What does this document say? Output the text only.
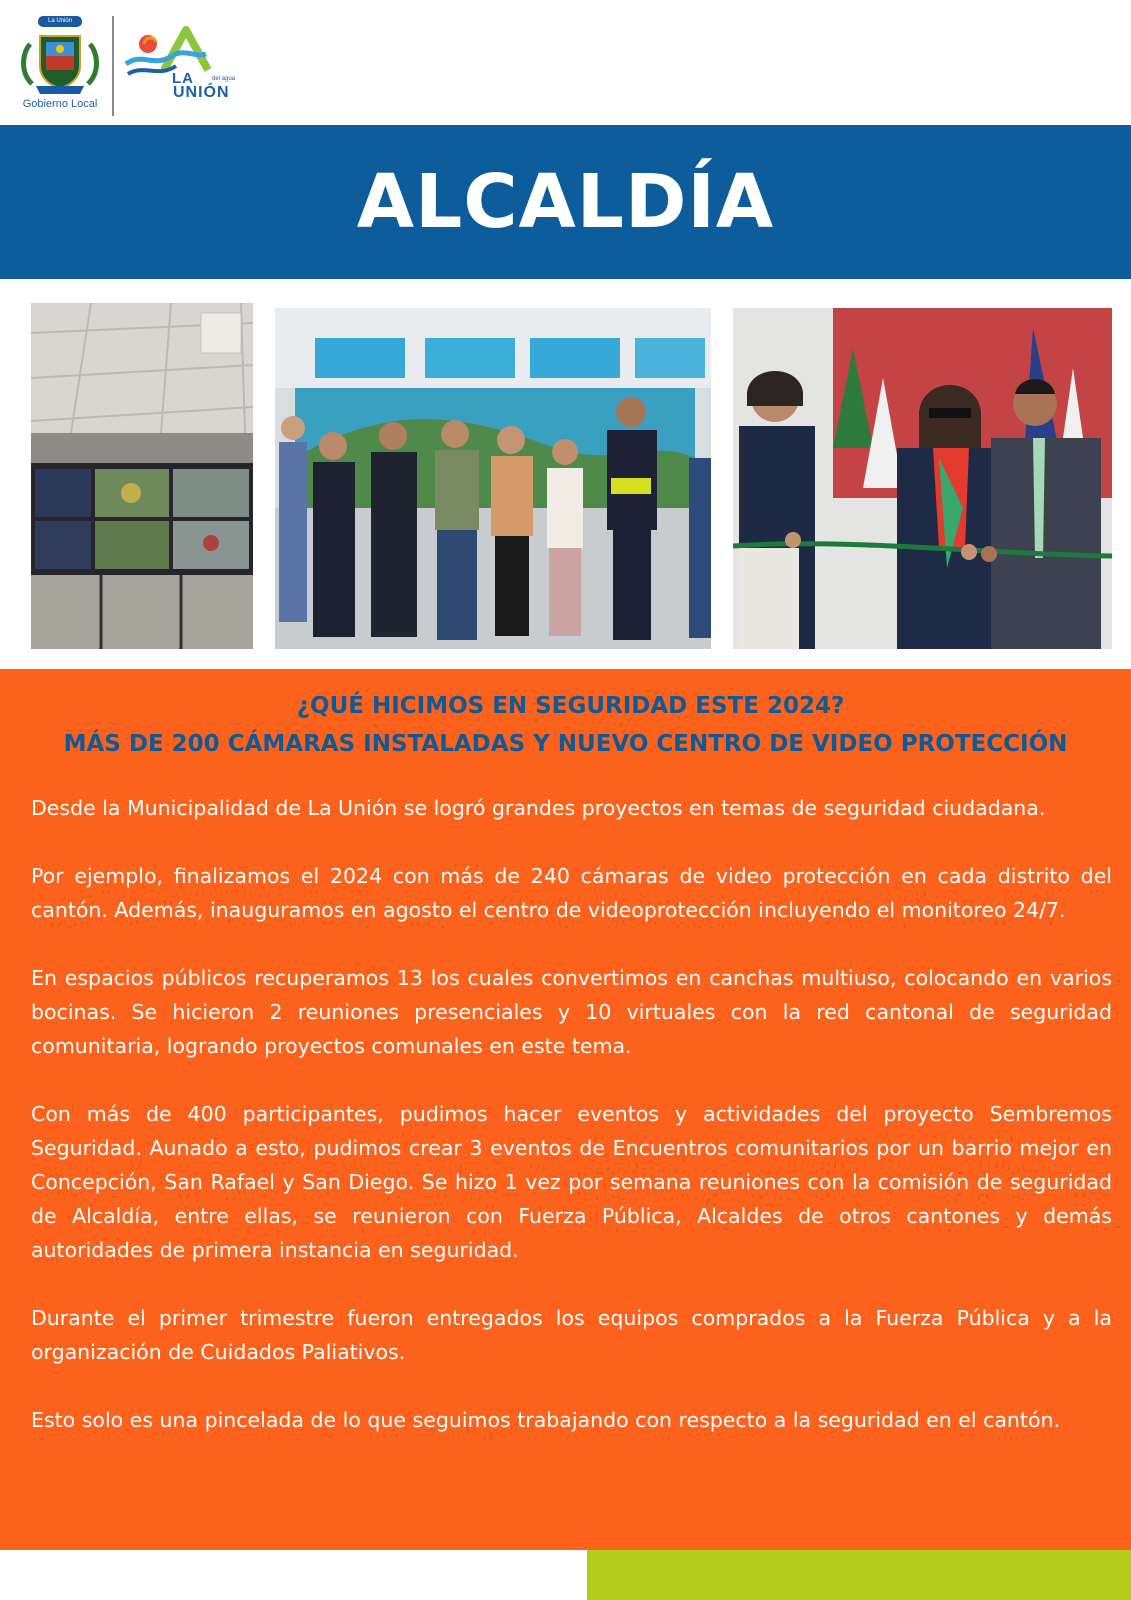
La Unión
Gobierno Local
LA	del agua
UNIÓN
ALCALDÍA

¿QUÉ HICIMOS EN SEGURIDAD ESTE 2024?

MÁS DE 200 CÁMARAS INSTALADAS Y NUEVO CENTRO DE VIDEO PROTECCIÓN

Desde la Municipalidad de La Unión se logró grandes proyectos en temas de seguridad ciudadana.

Por ejemplo, finalizamos el 2024 con más de 240 cámaras de video protección en cada distrito del cantón. Además, inauguramos en agosto el centro de videoprotección incluyendo el monitoreo 24/7.

En espacios públicos recuperamos 13 los cuales convertimos en canchas multiuso, colocando en varios bocinas. Se hicieron 2 reuniones presenciales y 10 virtuales con la red cantonal de seguridad comunitaria, logrando proyectos comunales en este tema.

Con más de 400 participantes, pudimos hacer eventos y actividades del proyecto Sembremos Seguridad. Aunado a esto, pudimos crear 3 eventos de Encuentros comunitarios por un barrio mejor en Concepción, San Rafael y San Diego. Se hizo 1 vez por semana reuniones con la comisión de seguridad de Alcaldía, entre ellas, se reunieron con Fuerza Pública, Alcaldes de otros cantones y demás autoridades de primera instancia en seguridad.

Durante el primer trimestre fueron entregados los equipos comprados a la Fuerza Pública y a la organización de Cuidados Paliativos.

Esto solo es una pincelada de lo que seguimos trabajando con respecto a la seguridad en el cantón.
